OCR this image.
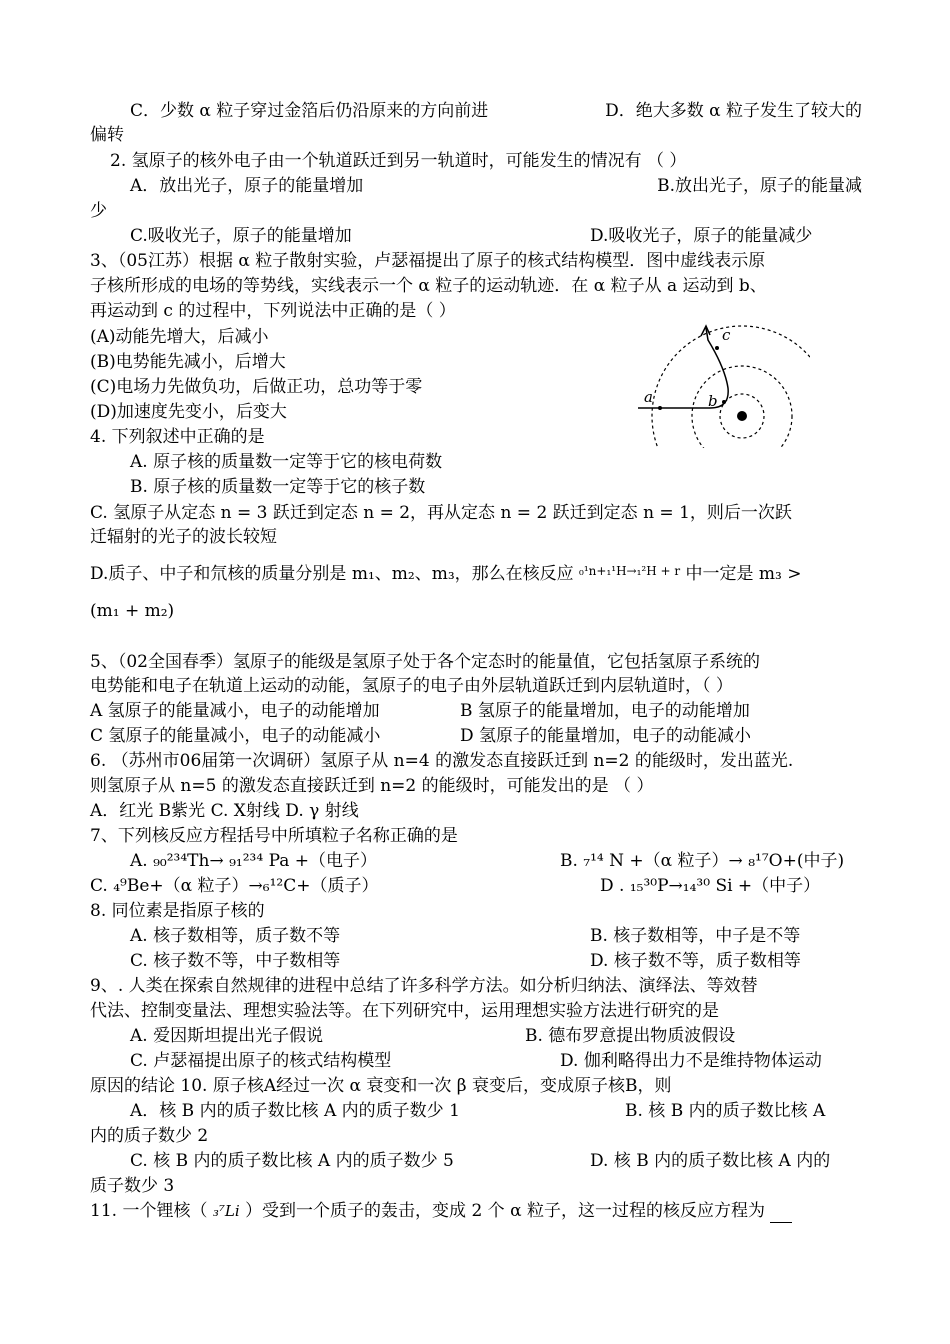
C．少数 α 粒子穿过金箔后仍沿原来的方向前进	D．绝大多数 α 粒子发生了较大的
偏转
2. 氢原子的核外电子由一个轨道跃迁到另一轨道时，可能发生的情况有 （ ）
A．放出光子，原子的能量增加	B.放出光子，原子的能量减
少
C.吸收光子，原子的能量增加	D.吸收光子，原子的能量减少
3、（05江苏）根据 α 粒子散射实验，卢瑟福提出了原子的核式结构模型．图中虚线表示原
子核所形成的电场的等势线，实线表示一个 α 粒子的运动轨迹．在 α 粒子从 a 运动到 b、
再运动到 c 的过程中，下列说法中正确的是（ ）
(A)动能先增大，后减小
(B)电势能先减小，后增大
(C)电场力先做负功，后做正功，总功等于零
(D)加速度先变小，后变大
a	b
c
4. 下列叙述中正确的是
A. 原子核的质量数一定等于它的核电荷数
B. 原子核的质量数一定等于它的核子数
C. 氢原子从定态 n = 3 跃迁到定态 n = 2，再从定态 n = 2 跃迁到定态 n = 1，则后一次跃
迁辐射的光子的波长较短
D.质子、中子和氘核的质量分别是 m₁、m₂、m₃，那么在核反应 $^{_0^1n+_1^1H\to_1^2H + r}$ 中一定是 m₃ >
(m₁ + m₂)
5、（02全国春季）氢原子的能级是氢原子处于各个定态时的能量值，它包括氢原子系统的
电势能和电子在轨道上运动的动能，氢原子的电子由外层轨道跃迁到内层轨道时，（ ）
A 氢原子的能量减小，电子的动能增加	B 氢原子的能量增加，电子的动能增加
C 氢原子的能量减小，电子的动能减小	D 氢原子的能量增加，电子的动能减小
6. （苏州市06届第一次调研）氢原子从 n=4 的激发态直接跃迁到 n=2 的能级时，发出蓝光.
则氢原子从 n=5 的激发态直接跃迁到 n=2 的能级时，可能发出的是 （ ）
A．红光 B紫光 C. X射线 D. γ 射线
7、下列核反应方程括号中所填粒子名称正确的是
A. ₉₀²³⁴Th→ ₉₁²³⁴ Pa +（电子）	B. ₇¹⁴ N +（α 粒子）→ ₈¹⁷O+(中子)
C. ₄⁹Be+（α 粒子）→₆¹²C+（质子）	D . ₁₅³⁰P→₁₄³⁰ Si +（中子）
8. 同位素是指原子核的
A. 核子数相等，质子数不等	B. 核子数相等，中子是不等
C. 核子数不等，中子数相等	D. 核子数不等，质子数相等
9、. 人类在探索自然规律的进程中总结了许多科学方法。如分析归纳法、演绎法、等效替
代法、控制变量法、理想实验法等。在下列研究中，运用理想实验方法进行研究的是
A. 爱因斯坦提出光子假说	B. 德布罗意提出物质波假设
C. 卢瑟福提出原子的核式结构模型	D. 伽利略得出力不是维持物体运动
原因的结论 10. 原子核A经过一次 α 衰变和一次 β 衰变后，变成原子核B，则
A．核 B 内的质子数比核 A 内的质子数少 1	B. 核 B 内的质子数比核 A
内的质子数少 2
C. 核 B 内的质子数比核 A 内的质子数少 5	D. 核 B 内的质子数比核 A 内的
质子数少 3
11. 一个锂核（ ₃⁷Li ）受到一个质子的轰击，变成 2 个 α 粒子，这一过程的核反应方程为
